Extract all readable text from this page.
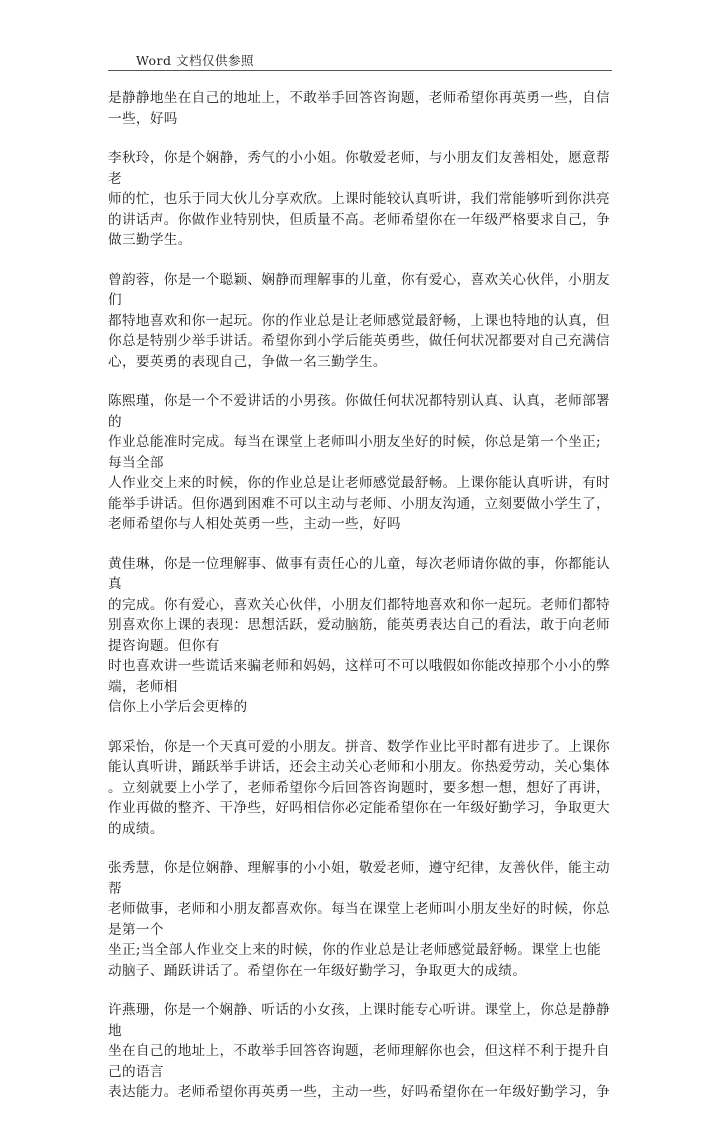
Word 文档仅供参照
是静静地坐在自己的地址上，不敢举手回答咨询题，老师希望你再英勇一些，自信
一些，好吗
李秋玲，你是个娴静，秀气的小小姐。你敬爱老师，与小朋友们友善相处，愿意帮
老
师的忙，也乐于同大伙儿分享欢欣。上课时能较认真听讲，我们常能够听到你洪亮
的讲话声。你做作业特别快，但质量不高。老师希望你在一年级严格要求自己，争
做三勤学生。
曾韵蓉，你是一个聪颖、娴静而理解事的儿童，你有爱心，喜欢关心伙伴，小朋友
们
都特地喜欢和你一起玩。你的作业总是让老师感觉最舒畅，上课也特地的认真，但
你总是特别少举手讲话。希望你到小学后能英勇些，做任何状况都要对自己充满信
心，要英勇的表现自己，争做一名三勤学生。
陈熙瑾，你是一个不爱讲话的小男孩。你做任何状况都特别认真、认真，老师部署
的
作业总能准时完成。每当在课堂上老师叫小朋友坐好的时候，你总是第一个坐正;
每当全部
人作业交上来的时候，你的作业总是让老师感觉最舒畅。上课你能认真听讲，有时
能举手讲话。但你遇到困难不可以主动与老师、小朋友沟通，立刻要做小学生了，
老师希望你与人相处英勇一些，主动一些，好吗
黄佳琳，你是一位理解事、做事有责任心的儿童，每次老师请你做的事，你都能认
真
的完成。你有爱心，喜欢关心伙伴，小朋友们都特地喜欢和你一起玩。老师们都特
别喜欢你上课的表现：思想活跃，爱动脑筋，能英勇表达自己的看法，敢于向老师
提咨询题。但你有
时也喜欢讲一些谎话来骗老师和妈妈，这样可不可以哦假如你能改掉那个小小的弊
端，老师相
信你上小学后会更棒的
郭采怡，你是一个天真可爱的小朋友。拼音、数学作业比平时都有进步了。上课你
能认真听讲，踊跃举手讲话，还会主动关心老师和小朋友。你热爱劳动，关心集体
。立刻就要上小学了，老师希望你今后回答咨询题时，要多想一想，想好了再讲，
作业再做的整齐、干净些，好吗相信你必定能希望你在一年级好勤学习，争取更大
的成绩。
张秀慧，你是位娴静、理解事的小小姐，敬爱老师，遵守纪律，友善伙伴，能主动
帮
老师做事，老师和小朋友都喜欢你。每当在课堂上老师叫小朋友坐好的时候，你总
是第一个
坐正;当全部人作业交上来的时候，你的作业总是让老师感觉最舒畅。课堂上也能
动脑子、踊跃讲话了。希望你在一年级好勤学习，争取更大的成绩。
许燕珊，你是一个娴静、听话的小女孩，上课时能专心听讲。课堂上，你总是静静
地
坐在自己的地址上，不敢举手回答咨询题，老师理解你也会，但这样不利于提升自
己的语言
表达能力。老师希望你再英勇一些，主动一些，好吗希望你在一年级好勤学习，争
